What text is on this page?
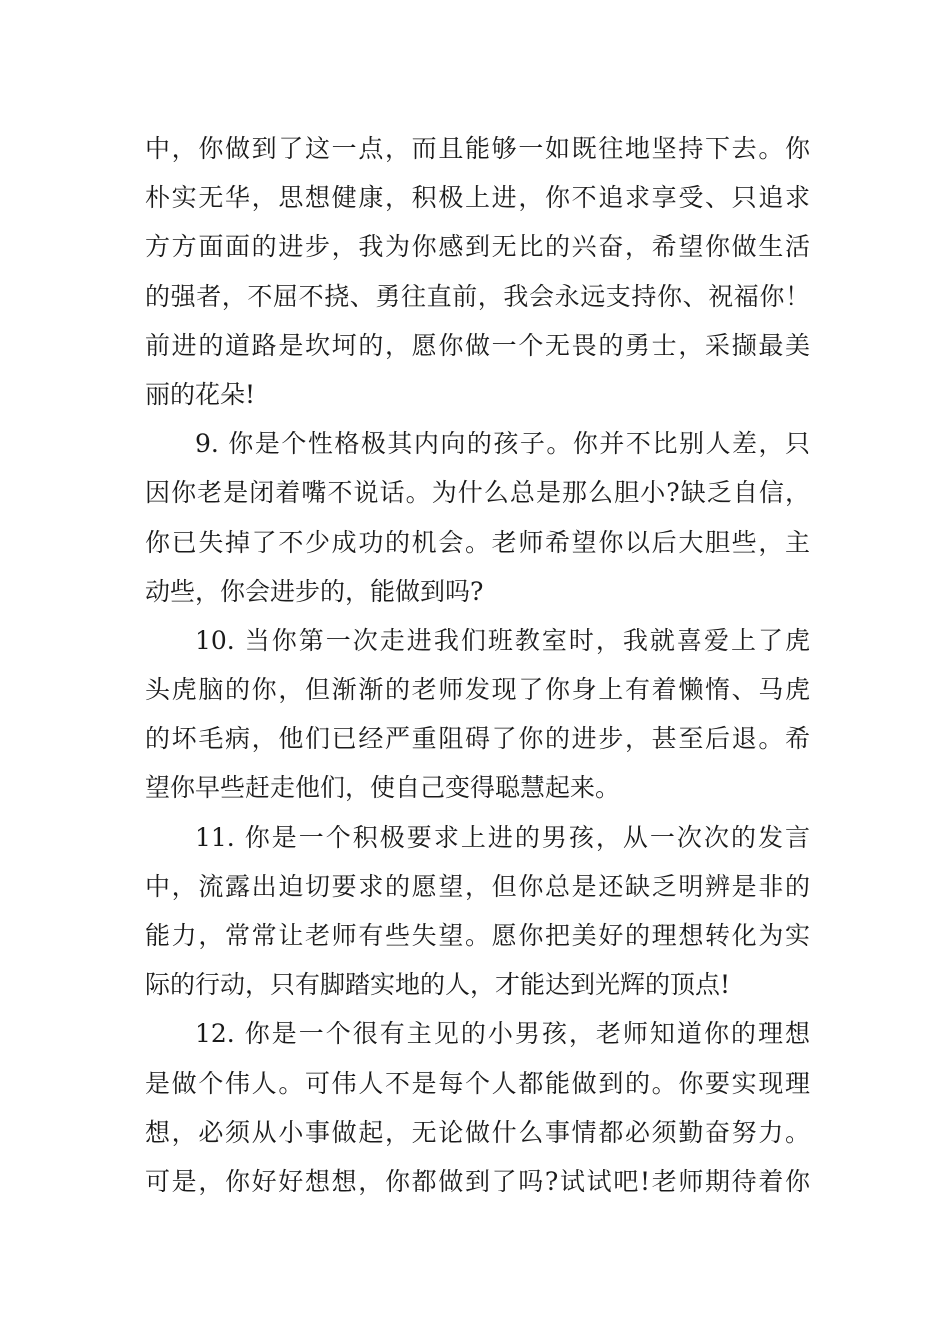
中，你做到了这一点，而且能够一如既往地坚持下去。你
朴实无华，思想健康，积极上进，你不追求享受、只追求
方方面面的进步，我为你感到无比的兴奋，希望你做生活
的强者，不屈不挠、勇往直前，我会永远支持你、祝福你！
前进的道路是坎坷的，愿你做一个无畏的勇士，采撷最美
丽的花朵!
9. 你是个性格极其内向的孩子。你并不比别人差，只
因你老是闭着嘴不说话。为什么总是那么胆小?缺乏自信，
你已失掉了不少成功的机会。老师希望你以后大胆些，主
动些，你会进步的，能做到吗?
10. 当你第一次走进我们班教室时，我就喜爱上了虎
头虎脑的你，但渐渐的老师发现了你身上有着懒惰、马虎
的坏毛病，他们已经严重阻碍了你的进步，甚至后退。希
望你早些赶走他们，使自己变得聪慧起来。
11. 你是一个积极要求上进的男孩，从一次次的发言
中，流露出迫切要求的愿望，但你总是还缺乏明辨是非的
能力，常常让老师有些失望。愿你把美好的理想转化为实
际的行动，只有脚踏实地的人，才能达到光辉的顶点!
12. 你是一个很有主见的小男孩，老师知道你的理想
是做个伟人。可伟人不是每个人都能做到的。你要实现理
想，必须从小事做起，无论做什么事情都必须勤奋努力。
可是，你好好想想，你都做到了吗?试试吧!老师期待着你
